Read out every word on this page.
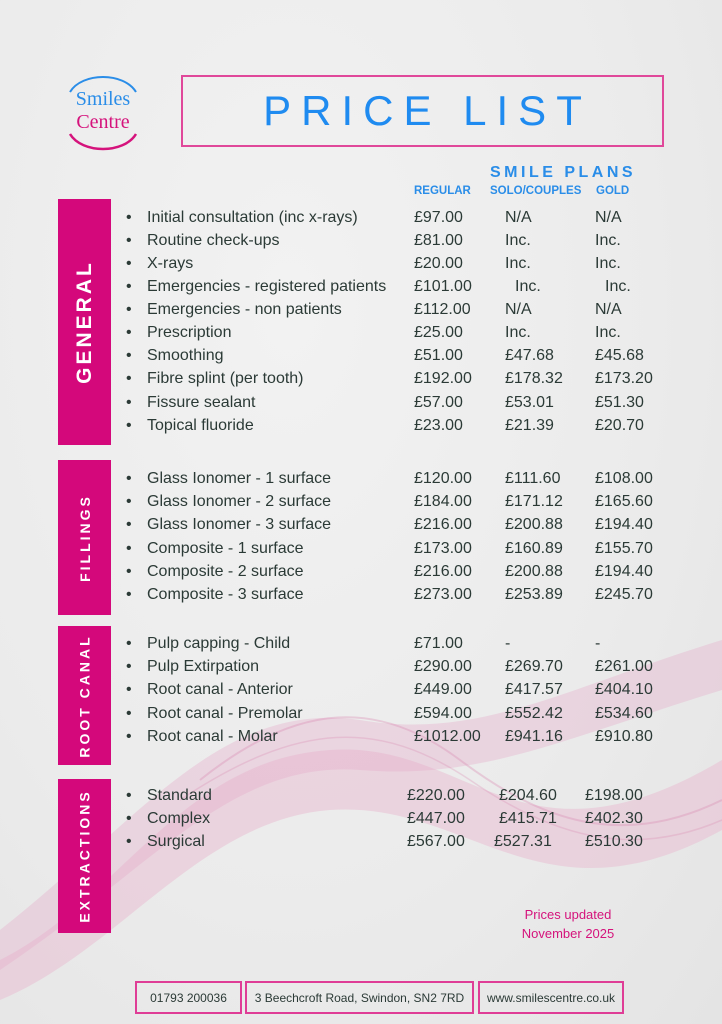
Smiles
Centre	PRICE LIST
SMILE PLANS
REGULAR SOLO/COUPLES GOLD
GENERAL
FILLINGS
ROOT CANAL
EXTRACTIONS
• Initial consultation (inc x-rays)	£97.00	N/A	N/A
• Routine check-ups	£81.00	Inc.	Inc.
• X-rays	£20.00	Inc.	Inc.
• Emergencies - registered patients £101.00	Inc.	Inc.
• Emergencies - non patients	£112.00 N/A	N/A
• Prescription	£25.00	Inc.	Inc.
• Smoothing	£51.00	£47.68	£45.68
• Fibre splint (per tooth)	£192.00 £178.32 £173.20
• Fissure sealant	£57.00	£53.01	£51.30
• Topical fluoride	£23.00	£21.39	£20.70
• Glass Ionomer - 1 surface	£120.00 £111.60 £108.00
• Glass Ionomer - 2 surface	£184.00 £171.12 £165.60
• Glass Ionomer - 3 surface	£216.00 £200.88 £194.40
• Composite - 1 surface	£173.00 £160.89 £155.70
• Composite - 2 surface	£216.00 £200.88 £194.40
• Composite - 3 surface	£273.00 £253.89 £245.70
• Pulp capping - Child	£71.00	-	-
• Pulp Extirpation	£290.00 £269.70 £261.00
• Root canal - Anterior	£449.00 £417.57 £404.10
• Root canal - Premolar	£594.00 £552.42 £534.60
• Root canal - Molar	£1012.00 £941.16 £910.80
• Standard	£220.00 £204.60 £198.00
• Complex	£447.00 £415.71 £402.30
• Surgical	£567.00 £527.31 £510.30
Prices updated
November 2025
01793 200036	3 Beechcroft Road, Swindon, SN2 7RD	www.smilescentre.co.uk
